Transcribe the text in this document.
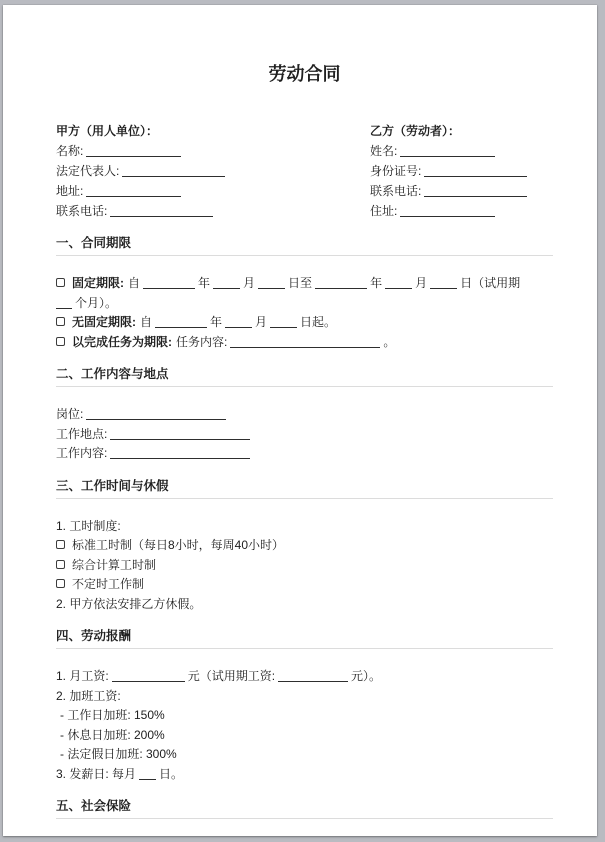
劳动合同
甲方（用人单位）：
名称:
法定代表人:
地址:
联系电话:
乙方（劳动者）：
姓名:
身份证号:
联系电话:
住址:
一、合同期限
固定期限: 自	年	月	日至	年	月	日（试用期
个月）。
无固定期限: 自	年	月	日起。
以完成任务为期限: 任务内容:	。
二、工作内容与地点
岗位:
工作地点:
工作内容:
三、工作时间与休假
1. 工时制度:
标准工时制（每日8小时，每周40小时）
综合计算工时制
不定时工作制
2. 甲方依法安排乙方休假。
四、劳动报酬
1. 月工资:	元（试用期工资:	元）。
2. 加班工资:
- 工作日加班: 150%
- 休息日加班: 200%
- 法定假日加班: 300%
3. 发薪日: 每月 日。
五、社会保险
